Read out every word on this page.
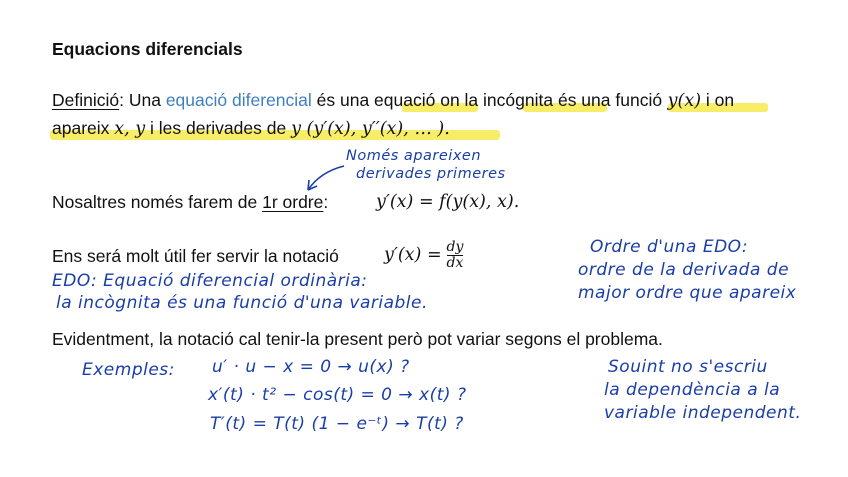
Equacions diferencials
Definició: Una equació diferencial és una equació on la incógnita és una funció y(x) i on
apareix x, y i les derivades de y (y′(x), y′′(x), … ).
Només apareixen
derivades primeres
Nosaltres només farem de 1r ordre:	y′(x) = f(y(x), x).
Ens será molt útil fer servir la notació	$y'(x) = \frac{dy}{dx}$
EDO: Equació diferencial ordinària:
la incògnita és una funció d'una variable.
Ordre d'una EDO:
ordre de la derivada de
major ordre que apareix
Evidentment, la notació cal tenir-la present però pot variar segons el problema.
Exemples: u′ · u − x = 0 → u(x) ?
x′(t) · t² − cos(t) = 0 → x(t) ?
T′(t) = T(t) (1 − e⁻ᵗ) → T(t) ?
Souint no s'escriu
la dependència a la
variable independent.
